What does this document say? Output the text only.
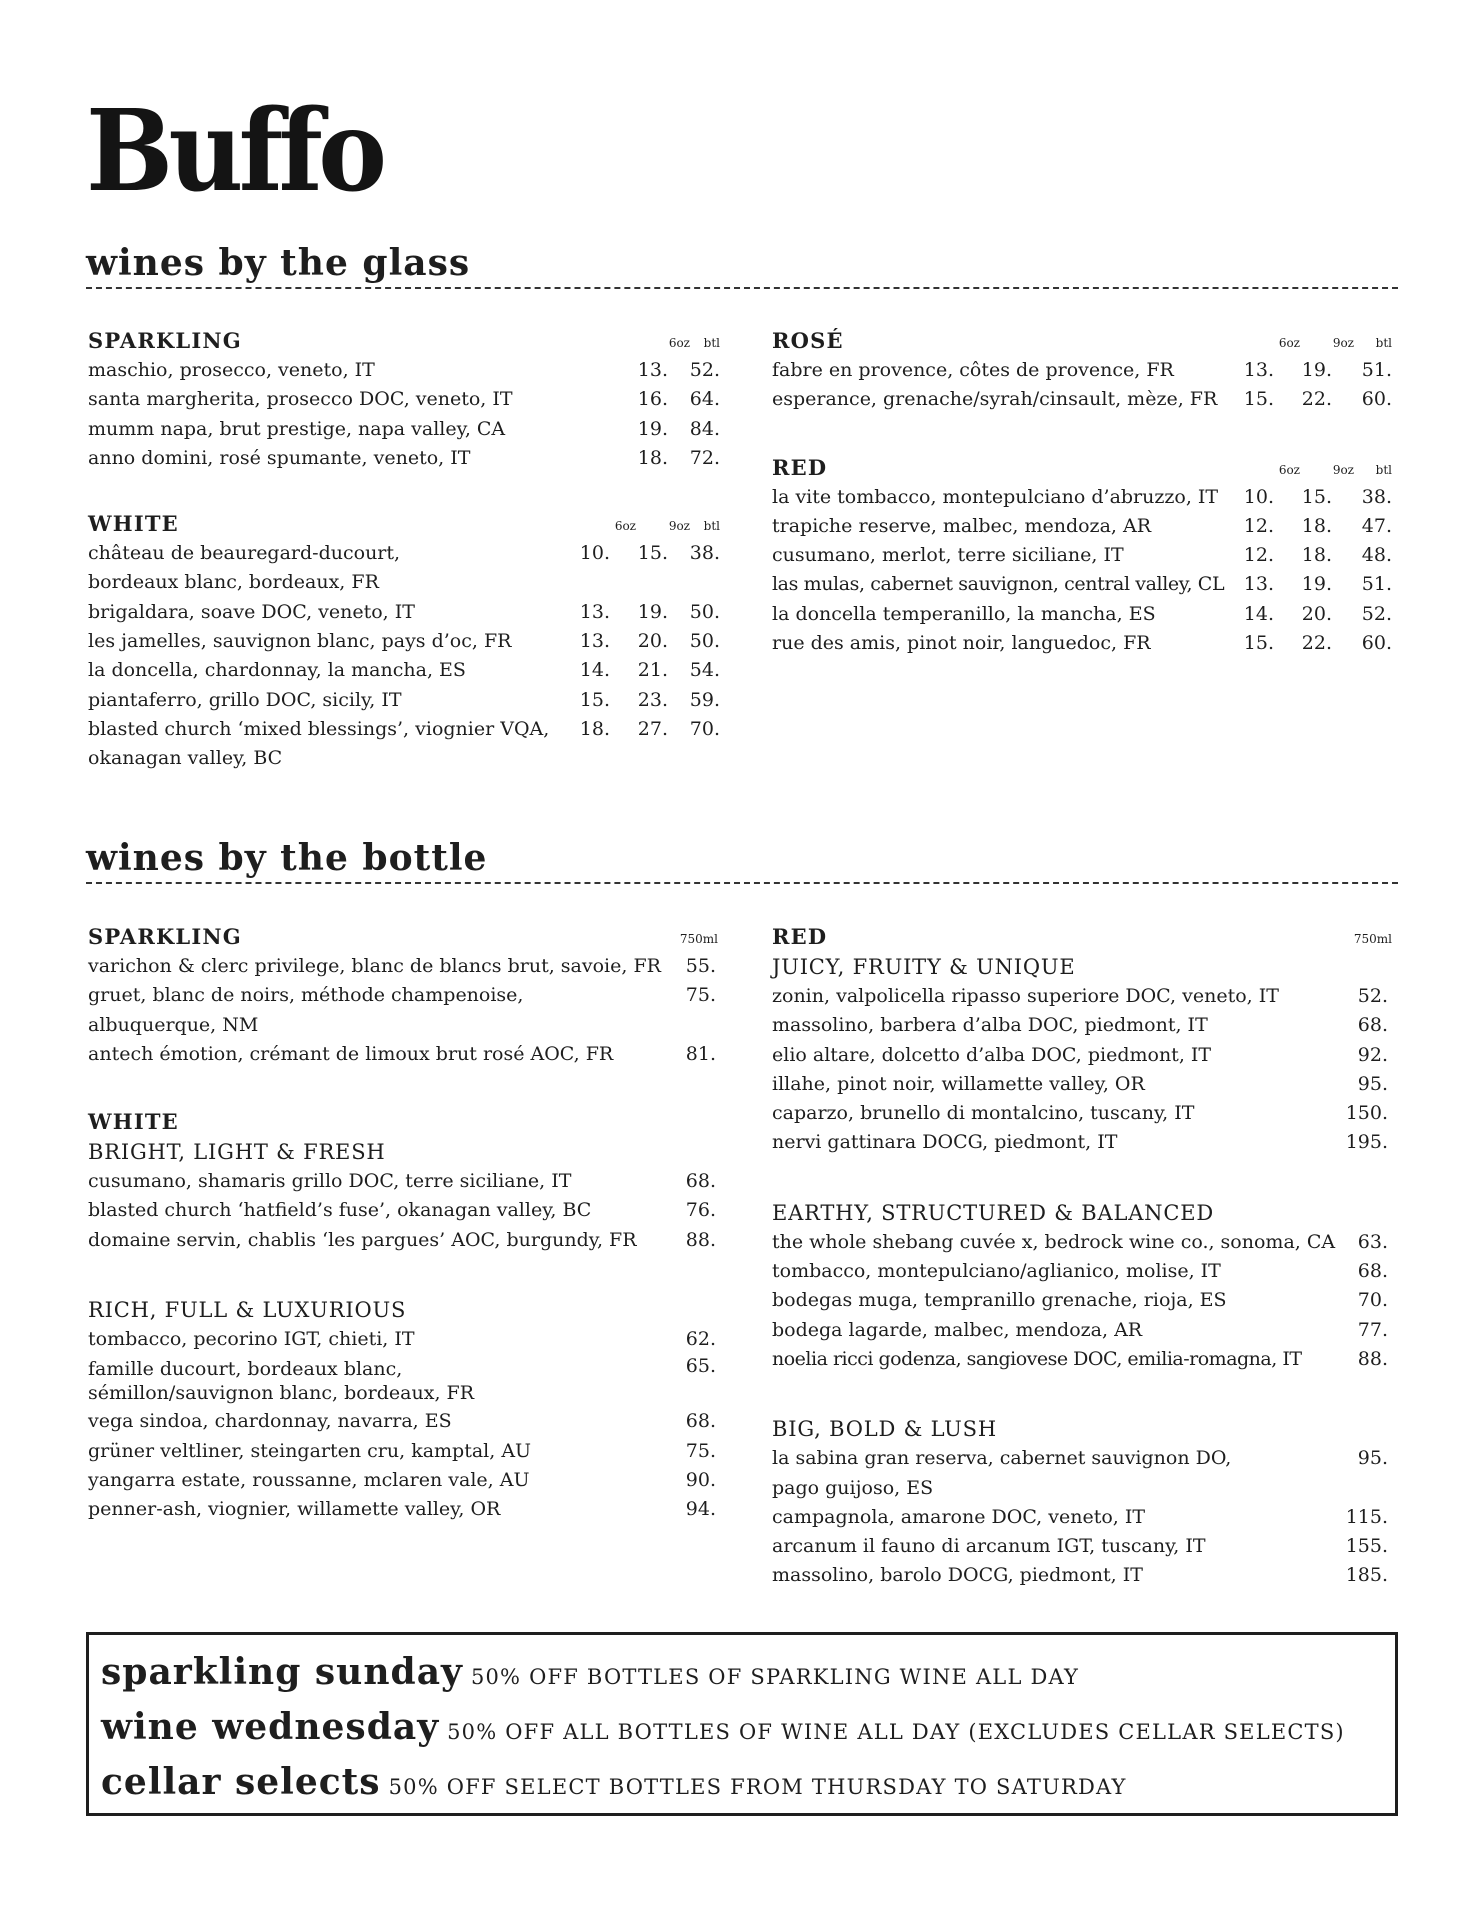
Buffo
wines by the glass
SPARKLING	6oz	btl
maschio, prosecco, veneto, IT	13.	52.
santa margherita, prosecco DOC, veneto, IT	16.	64.
mumm napa, brut prestige, napa valley, CA	19.	84.
anno domini, rosé spumante, veneto, IT	18.	72.
WHITE	6oz	9oz	btl
château de beauregard-ducourt,
bordeaux blanc, bordeaux, FR
10.	15.	38.
brigaldara, soave DOC, veneto, IT	13.	19.	50.
les jamelles, sauvignon blanc, pays d’oc, FR	13.	20.	50.
la doncella, chardonnay, la mancha, ES	14.	21.	54.
piantaferro, grillo DOC, sicily, IT	15.	23.	59.
blasted church ‘mixed blessings’, viognier VQA,
okanagan valley, BC
18.	27.	70.
ROSÉ	6oz	9oz	btl
fabre en provence, côtes de provence, FR	13.	19.	51.
esperance, grenache/syrah/cinsault, mèze, FR	15.	22.	60.
RED	6oz	9oz	btl
la vite tombacco, montepulciano d’abruzzo, IT	10.	15.	38.
trapiche reserve, malbec, mendoza, AR	12.	18.	47.
cusumano, merlot, terre siciliane, IT	12.	18.	48.
las mulas, cabernet sauvignon, central valley, CL	13.	19.	51.
la doncella temperanillo, la mancha, ES	14.	20.	52.
rue des amis, pinot noir, languedoc, FR	15.	22.	60.
wines by the bottle
SPARKLING	750ml
varichon & clerc privilege, blanc de blancs brut, savoie, FR	55.
gruet, blanc de noirs, méthode champenoise,
albuquerque, NM
75.
antech émotion, crémant de limoux brut rosé AOC, FR	81.
WHITE
BRIGHT, LIGHT & FRESH
cusumano, shamaris grillo DOC, terre siciliane, IT	68.
blasted church ‘hatfield’s fuse’, okanagan valley, BC	76.
domaine servin, chablis ‘les pargues’ AOC, burgundy, FR	88.
RICH, FULL & LUXURIOUS
tombacco, pecorino IGT, chieti, IT	62.
famille ducourt, bordeaux blanc,
sémillon/sauvignon blanc, bordeaux, FR
65.
vega sindoa, chardonnay, navarra, ES	68.
grüner veltliner, steingarten cru, kamptal, AU	75.
yangarra estate, roussanne, mclaren vale, AU	90.
penner-ash, viognier, willamette valley, OR	94.
RED	750ml
JUICY, FRUITY & UNIQUE
zonin, valpolicella ripasso superiore DOC, veneto, IT	52.
massolino, barbera d’alba DOC, piedmont, IT	68.
elio altare, dolcetto d’alba DOC, piedmont, IT	92.
illahe, pinot noir, willamette valley, OR	95.
caparzo, brunello di montalcino, tuscany, IT	150.
nervi gattinara DOCG, piedmont, IT	195.
EARTHY, STRUCTURED & BALANCED
the whole shebang cuvée x, bedrock wine co., sonoma, CA	63.
tombacco, montepulciano/aglianico, molise, IT	68.
bodegas muga, tempranillo grenache, rioja, ES	70.
bodega lagarde, malbec, mendoza, AR	77.
noelia ricci godenza, sangiovese DOC, emilia-romagna, IT	88.
BIG, BOLD & LUSH
la sabina gran reserva, cabernet sauvignon DO,
pago guijoso, ES
95.
campagnola, amarone DOC, veneto, IT	115.
arcanum il fauno di arcanum IGT, tuscany, IT	155.
massolino, barolo DOCG, piedmont, IT	185.
sparkling sunday 50% OFF BOTTLES OF SPARKLING WINE ALL DAY
wine wednesday 50% OFF ALL BOTTLES OF WINE ALL DAY (EXCLUDES CELLAR SELECTS)
cellar selects 50% OFF SELECT BOTTLES FROM THURSDAY TO SATURDAY
